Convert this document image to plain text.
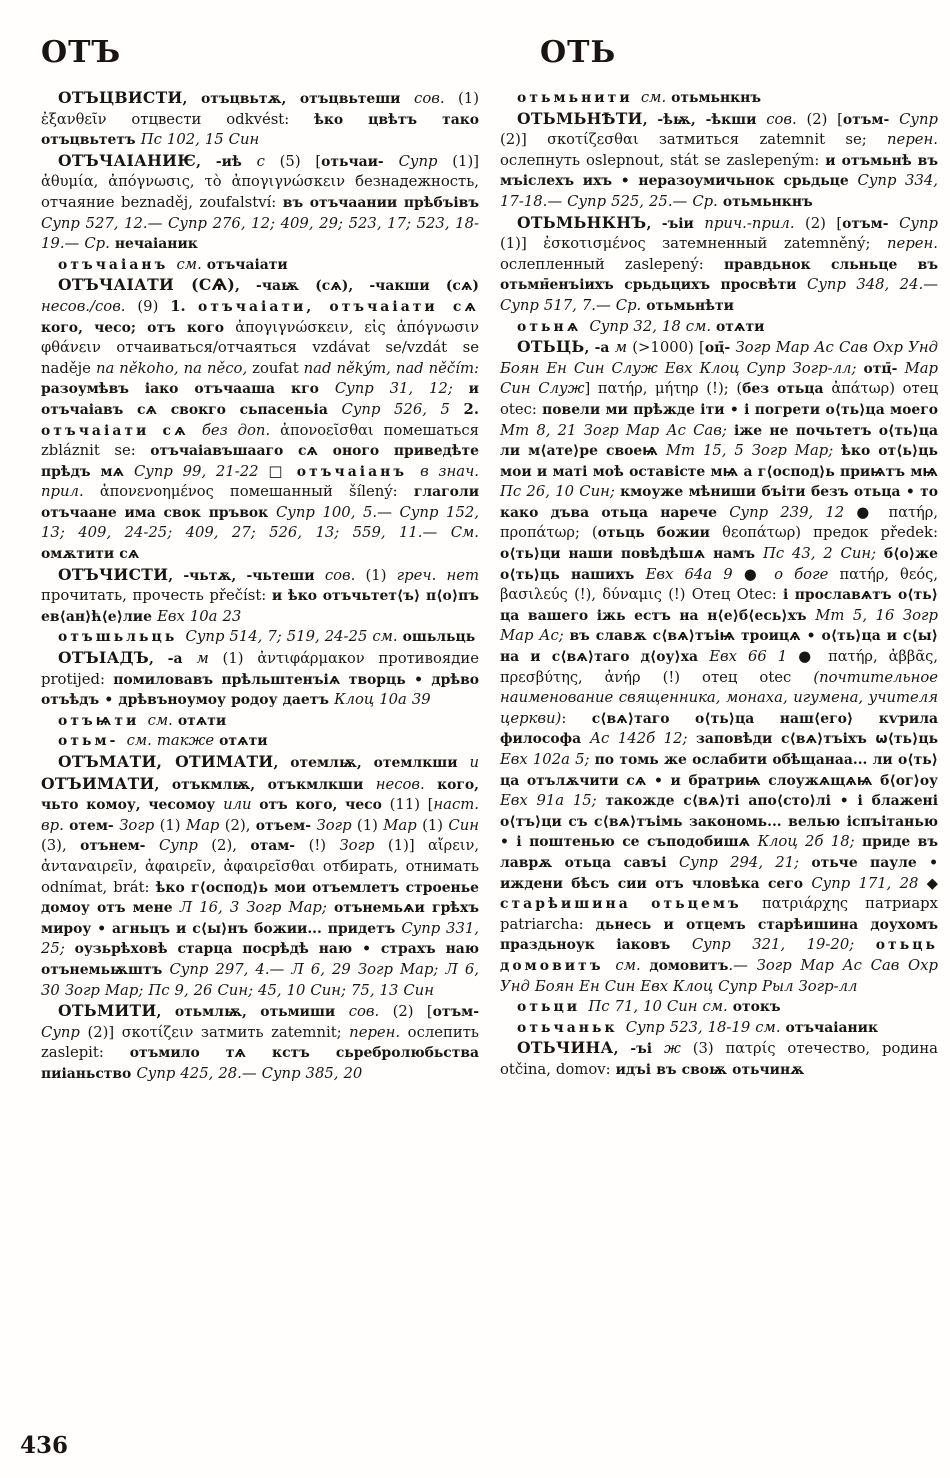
ОТЪ

ОТЪЦВИСТИ, отъцвьтѫ, отъцвьтеши сов. (1) ἐξανθεῖν отцвести odkvést: ѣко цвѣтъ тако отъцвьтетъ Пс 102, 15 Син

ОТЪЧАІАНИѤ, -иѣ с (5) [отьчаи- Супр (1)] ἀθυμία, ἀπόγνωσις, τὸ ἀπογιγνώσκειν безнадежность, отчаяние beznaděj, zoufalství: въ отъчаании прѣбъівъ Супр 527, 12.— Супр 276, 12; 409, 29; 523, 17; 523, 18-19.— Ср. нечаіаник

отъчаіанъ см. отъчаіати

ОТЪЧАІАТИ (СѦ), -чаѭ (сѧ), -чакши (сѧ) несов./сов. (9) 1. отъчаіати, отъчаіати сѧ кого, чесо; отъ кого ἀπογιγνώσκειν, εἰς ἀπόγνωσιν φθάνειν отчаиваться/отчаяться vzdávat se/vzdát se naděje na někoho, na něco, zoufat nad někým, nad něčím: разоумѣвъ іако отъчааша кго Супр 31, 12; и отъчаіавъ сѧ свокго сьпасеньіа Супр 526, 5 2. отъчаіати сѧ без доп. ἀπονοεῖσθαι помешаться zbláznit se: отъчаіавъшааго сѧ оного приведѣте прѣдъ мѧ Супр 99, 21-22 □ отъчаіанъ в знач. прил. ἀπονενοημένος помешанный šílený: глаголи отъчаане има свок пръвок Супр 100, 5.— Супр 152, 13; 409, 24-25; 409, 27; 526, 13; 559, 11.— См. омѫтити сѧ

ОТЪЧИСТИ, -чьтѫ, -чьтеши сов. (1) греч. нет прочитать, прочесть přečíst: и ѣко отъчьтет⟨ъ⟩ п⟨о⟩пъ ев⟨ан⟩ћ⟨е⟩лие Евх 10а 23

отъшьльць Супр 514, 7; 519, 24-25 см. ошьльць

ОТЪІАДЪ, -а м (1) ἀντιφάρμακον противоядие protijed: помиловавъ прѣльштенъіѧ творць • дрѣво отъѣдъ • дрѣвъноумоу родоу даетъ Клоц 10а 39

отъѩти см. отѧти

отьм- см. также отѧти

ОТЪМАТИ, ОТИМАТИ, отемлѭ, отемлкши и ОТЪИМАТИ, отъкмлѭ, отъкмлкши несов. кого, чьто комоу, чесомоу или отъ кого, чесо (11) [наст. вр. отем- Зогр (1) Мар (2), отъем- Зогр (1) Мар (1) Син (3), отънем- Супр (2), отам- (!) Зогр (1)] αἴρειν, ἀνταναιρεῖν, ἀφαιρεῖν, ἀφαιρεῖσθαι отбирать, отнимать odnímat, brát: ѣко г⟨оспод⟩ь мои отъемлетъ строенье домоу отъ мене Л 16, 3 Зогр Мар; отънемьѧи грѣхъ мироу • агньцъ и с⟨ы⟩нъ божии... придетъ Супр 331, 25; оузьрѣховѣ старца посрѣдѣ наю • страхъ наю отънемьѭштъ Супр 297, 4.— Л 6, 29 Зогр Мар; Л 6, 30 Зогр Мар; Пс 9, 26 Син; 45, 10 Син; 75, 13 Син

ОТЬМИТИ, отьмлѭ, отьмиши сов. (2) [отъм- Супр (2)] σκοτίζειν затмить zatemnit; перен. ослепить zaslepit: отъмило тѧ кстъ сьребролюбьства пиіаньство Супр 425, 28.— Супр 385, 20

ОТЬ

отьмьнити см. отьмьнкнъ

ОТЬМЬНѢТИ, -ѣѭ, -ѣкши сов. (2) [отъм- Супр (2)] σκοτίζεσθαι затмиться zatemnit se; перен. ослепнуть oslepnout, stát se zaslepeným: и отъмьнѣ въ мъіслехъ ихъ • неразоумичьнок срьдьце Супр 334, 17-18.— Супр 525, 25.— Ср. отьмьнкнъ

ОТЬМЬНКНЪ, -ъіи прич.-прил. (2) [отъм- Супр (1)] ἐσκοτισμένος затемненный zatemněný; перен. ослепленный zaslepený: правдьнок сльньце въ отьмн̄енъіихъ срьдьцихъ просвѣти Супр 348, 24.— Супр 517, 7.— Ср. отьмьнѣти

отьнѧ Супр 32, 18 см. отѧти

ОТЬЦЬ, -а м (>1000) [оц̄- Зогр Мар Ас Сав Охр Унд Боян Ен Син Служ Евх Клоц Супр Зогр-лл; отц̄- Мар Син Служ] πατήρ, μήτηρ (!); (без отьца ἀπάτωρ) отец otec: повели ми прѣжде іти • і погрети о⟨ть⟩ца моего Мт 8, 21 Зогр Мар Ас Сав; іже не почьтетъ о⟨ть⟩ца ли м⟨ате⟩ре своеѩ Мт 15, 5 Зогр Мар; ѣко от⟨ь⟩ць мои и маті моѣ оставісте мѩ а г⟨оспод⟩ь приѩтъ мѩ Пс 26, 10 Син; кмоуже мѣниши бъіти безъ отьца • то како дъва отьца нарече Супр 239, 12 ● πατήρ, προπάτωρ; (отьць божии θεοπάτωρ) предок předek: о⟨ть⟩ци наши повѣдѣшѧ намъ Пс 43, 2 Син; б⟨о⟩же о⟨ть⟩ць нашихъ Евх 64а 9 ● о боге πατήρ, θεός, βασιλεύς (!), δύναμις (!) Отец Otec: і прославѧтъ о⟨ть⟩ца вашего іжь естъ на н⟨е⟩б⟨есь⟩хъ Мт 5, 16 Зогр Мар Ас; въ славѫ с⟨вѧ⟩тъіѩ троицѧ • о⟨ть⟩ца и с⟨ы⟩на и с⟨вѧ⟩таго д⟨оу⟩ха Евх 66 1 ● πατήρ, ἀββᾶς, πρεσβύτης, ἀνήρ (!) отец otec (почтительное наименование священника, монаха, игумена, учителя церкви): с⟨вѧ⟩таго о⟨ть⟩ца наш⟨его⟩ кѵрила философа Ас 142б 12; заповѣди с⟨вѧ⟩тъіхъ ѡ⟨ть⟩ць Евх 102а 5; по томь же ослабити обѣщанаа... ли о⟨ть⟩ца отълѫчити сѧ • и братриѩ слоужѧщѧѩ б⟨ог⟩оу Евх 91а 15; такожде с⟨вѧ⟩ті апо⟨сто⟩лі • і блажені о⟨тъ⟩ци съ с⟨вѧ⟩тъімь закономь... велью іспъітанью • і поштенью се съподобишѧ Клоц 2б 18; приде въ лаврѫ отьца савъі Супр 294, 21; отьче пауле • иждени бѣсъ сии отъ чловѣка сего Супр 171, 28 ◆ старѣишина отьцемъ πατριάρχης патриарх patriarcha: дьнесь и отцемъ старѣишина доухомъ праздьноук іаковъ Супр 321, 19-20; отьць домовитъ см. домовитъ.— Зогр Мар Ас Сав Охр Унд Боян Ен Син Евх Клоц Супр Рыл Зогр-лл

отьци Пс 71, 10 Син см. отокъ

отьчаньк Супр 523, 18-19 см. отъчаіаник

ОТЬЧИНА, -ъі ж (3) πατρίς отечество, родина otčina, domov: идъі въ своѭ отьчинѫ

436
